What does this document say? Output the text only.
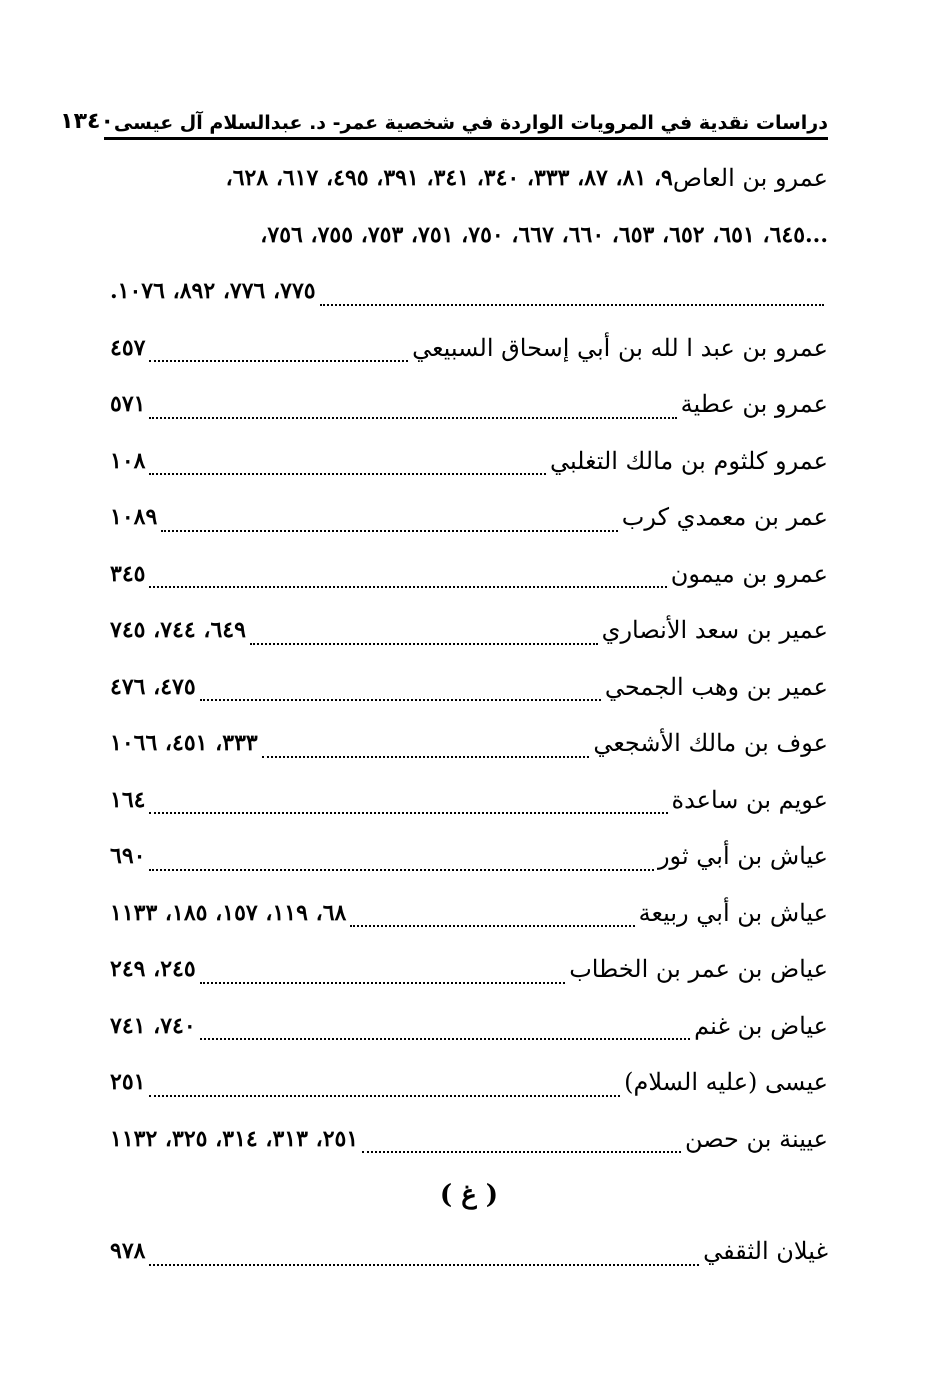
دراسات نقدية في المرويات الواردة في شخصية عمر- د. عبدالسلام آل عيسى
١٣٤٠
عمرو بن العاص
٩، ٨١، ٨٧، ٣٣٣، ٣٤٠، ٣٤١، ٣٩١، ٤٩٥، ٦١٧، ٦٢٨،
...٦٤٥، ٦٥١، ٦٥٢، ٦٥٣، ٦٦٠، ٦٦٧، ٧٥٠، ٧٥١، ٧٥٣، ٧٥٥، ٧٥٦،
٧٧٥، ٧٧٦، ٨٩٢، ١٠٧٦.
عمرو بن عبد ا لله بن أبي إسحاق السبيعي
٤٥٧
عمرو بن عطية
٥٧١
عمرو كلثوم بن مالك التغلبي
١٠٨
عمر بن معمدي كرب
١٠٨٩
عمرو بن ميمون
٣٤٥
عمير بن سعد الأنصاري
٦٤٩، ٧٤٤، ٧٤٥
عمير بن وهب الجمحي
٤٧٥، ٤٧٦
عوف بن مالك الأشجعي
٣٣٣، ٤٥١، ١٠٦٦
عويم بن ساعدة
١٦٤
عياش بن أبي ثور
٦٩٠
عياش بن أبي ربيعة
٦٨، ١١٩، ١٥٧، ١٨٥، ١١٣٣
عياض بن عمر بن الخطاب
٢٤٥، ٢٤٩
عياض بن غنم
٧٤٠، ٧٤١
عيسى (عليه السلام)
٢٥١
عيينة بن حصن
٢٥١، ٣١٣، ٣١٤، ٣٢٥، ١١٣٢
( غ )
غيلان الثقفي
٩٧٨
